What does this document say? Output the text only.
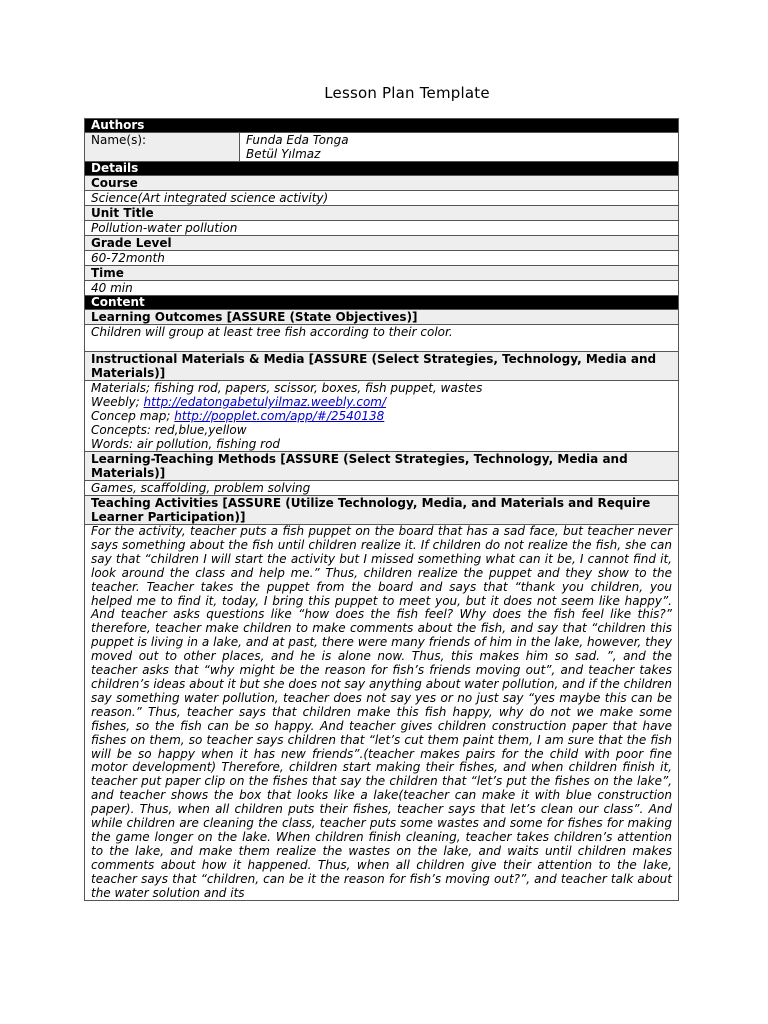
Lesson Plan Template
Authors
Name(s):	Funda Eda Tonga
Betül Yılmaz

Details
Course
Science(Art integrated science activity)
Unit Title
Pollution-water pollution
Grade Level
60-72month
Time
40 min
Content
Learning Outcomes [ASSURE (State Objectives)]
Children will group at least tree fish according to their color.
Instructional Materials & Media [ASSURE (Select Strategies, Technology, Media and Materials)]

Materials; fishing rod, papers, scissor, boxes, fish puppet, wastes
Weebly; http://edatongabetulyilmaz.weebly.com/
Concep map; http://popplet.com/app/#/2540138
Concepts: red,blue,yellow
Words: air pollution, fishing rod

Learning-Teaching Methods [ASSURE (Select Strategies, Technology, Media and Materials)]
Games, scaffolding, problem solving
Teaching Activities [ASSURE (Utilize Technology, Media, and Materials and Require Learner Participation)]
For the activity, teacher puts a fish puppet on the board that has a sad face, but teacher never says something about the fish until children realize it. If children do not realize the fish, she can say that “children I will start the activity but I missed something what can it be, I cannot find it, look around the class and help me.” Thus, children realize the puppet and they show to the teacher. Teacher takes the puppet from the board and says that “thank you children, you helped me to find it, today, I bring this puppet to meet you, but it does not seem like happy”. And teacher asks questions like “how does the fish feel? Why does the fish feel like this?” therefore, teacher make children to make comments about the fish, and say that “children this puppet is living in a lake, and at past, there were many friends of him in the lake, however, they moved out to other places, and he is alone now. Thus, this makes him so sad. ”, and the teacher asks that “why might be the reason for fish’s friends moving out”, and teacher takes children’s ideas about it but she does not say anything about water pollution, and if the children say something water pollution, teacher does not say yes or no just say “yes maybe this can be reason.” Thus, teacher says that children make this fish happy, why do not we make some fishes, so the fish can be so happy. And teacher gives children construction paper that have fishes on them, so teacher says children that “let’s cut them paint them, I am sure that the fish will be so happy when it has new friends”.(teacher makes pairs for the child with poor fine motor development) Therefore, children start making their fishes, and when children finish it, teacher put paper clip on the fishes that say the children that “let’s put the fishes on the lake”, and teacher shows the box that looks like a lake(teacher can make it with blue construction paper). Thus, when all children puts their fishes, teacher says that let’s clean our class”. And while children are cleaning the class, teacher puts some wastes and some for fishes for making the game longer on the lake. When children finish cleaning, teacher takes children’s attention to the lake, and make them realize the wastes on the lake, and waits until children makes comments about how it happened. Thus, when all children give their attention to the lake, teacher says that “children, can be it the reason for fish’s moving out?”, and teacher talk about the water solution and its
